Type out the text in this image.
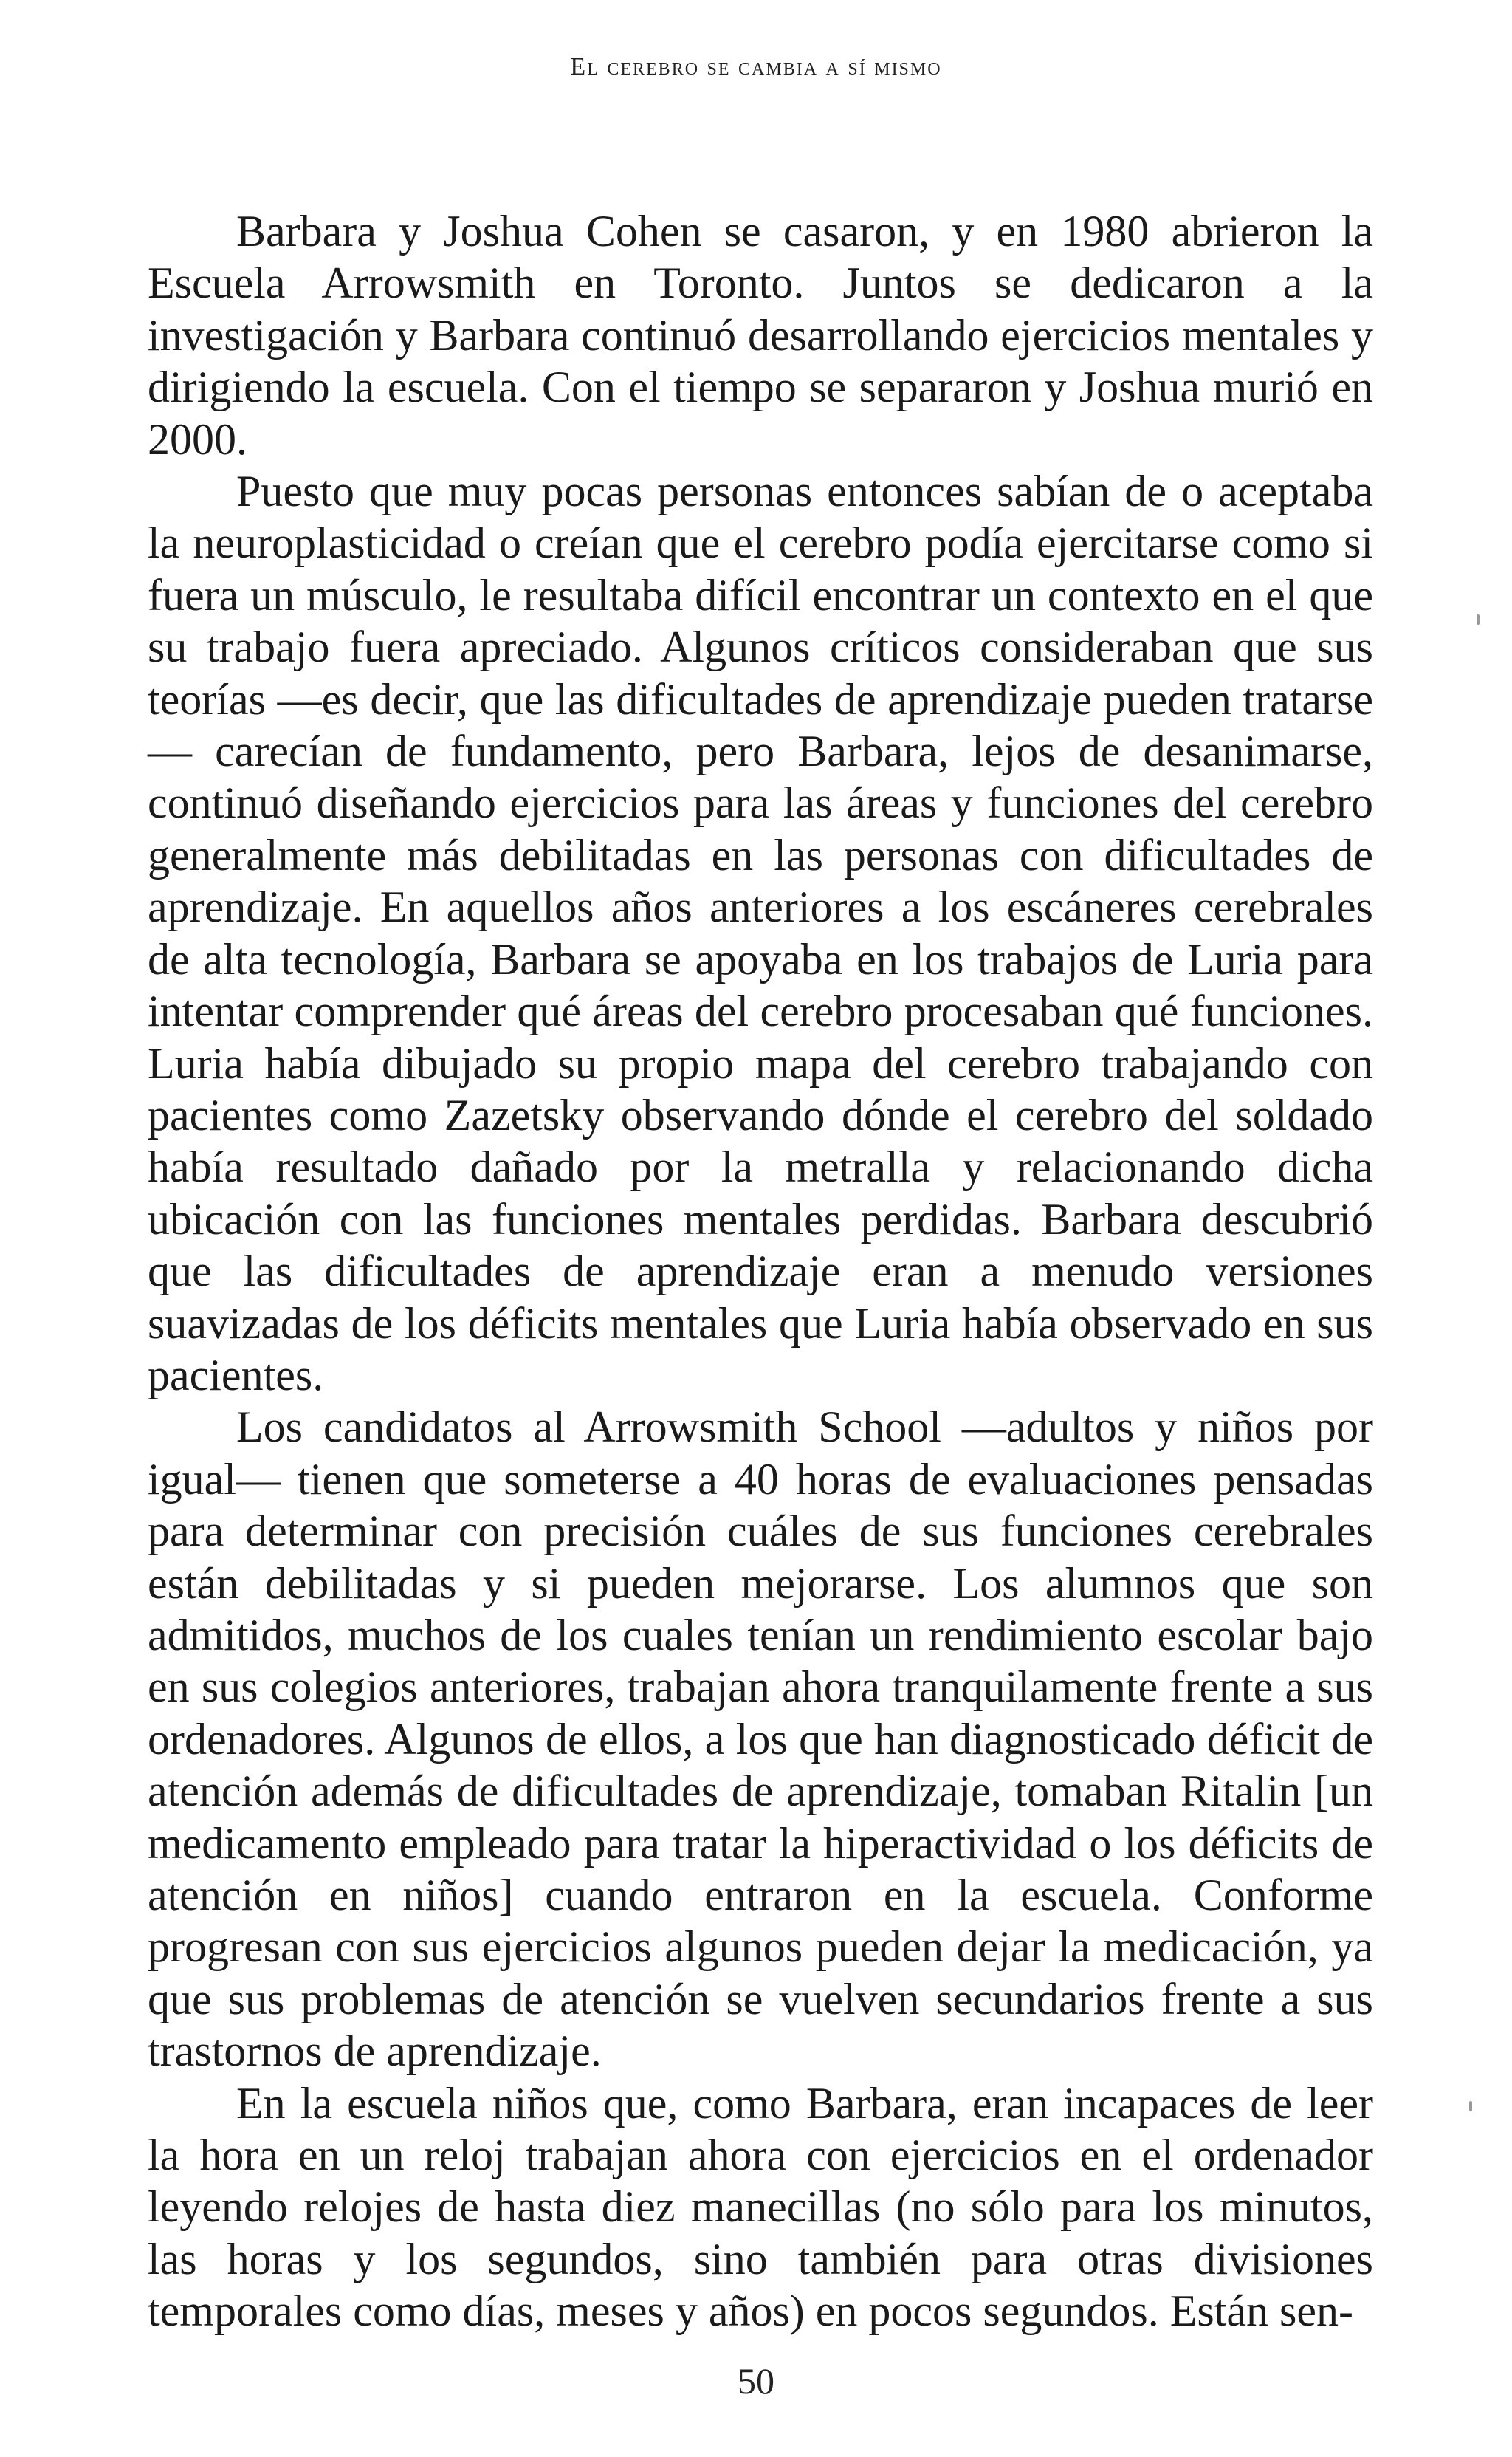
El cerebro se cambia a sí mismo

Barbara y Joshua Cohen se casaron, y en 1980 abrieron la Escuela Arrowsmith en Toronto. Juntos se dedicaron a la investigación y Barbara continuó desarrollando ejercicios mentales y dirigiendo la escuela. Con el tiempo se separaron y Joshua murió en 2000.

Puesto que muy pocas personas entonces sabían de o aceptaba la neuroplasticidad o creían que el cerebro podía ejercitarse como si fuera un músculo, le resultaba difícil encontrar un contexto en el que su trabajo fuera apreciado. Algunos críticos consideraban que sus teorías —es decir, que las dificultades de aprendizaje pueden tratarse— carecían de fundamento, pero Barbara, lejos de desanimarse, continuó diseñando ejercicios para las áreas y funciones del cerebro generalmente más debilitadas en las personas con dificultades de aprendizaje. En aquellos años anteriores a los escáneres cerebrales de alta tecnología, Barbara se apoyaba en los trabajos de Luria para intentar comprender qué áreas del cerebro procesaban qué funciones. Luria había dibujado su propio mapa del cerebro trabajando con pacientes como Zazetsky observando dónde el cerebro del soldado había resultado dañado por la metralla y relacionando dicha ubicación con las funciones mentales perdidas. Barbara descubrió que las dificultades de aprendizaje eran a menudo versiones suavizadas de los déficits mentales que Luria había observado en sus pacientes.

Los candidatos al Arrowsmith School —adultos y niños por igual— tienen que someterse a 40 horas de evaluaciones pensadas para determinar con precisión cuáles de sus funciones cerebrales están debilitadas y si pueden mejorarse. Los alumnos que son admitidos, muchos de los cuales tenían un rendimiento escolar bajo en sus colegios anteriores, trabajan ahora tranquilamente frente a sus ordenadores. Algunos de ellos, a los que han diagnosticado déficit de atención además de dificultades de aprendizaje, tomaban Ritalin [un medicamento empleado para tratar la hiperactividad o los déficits de atención en niños] cuando entraron en la escuela. Conforme progresan con sus ejercicios algunos pueden dejar la medicación, ya que sus problemas de atención se vuelven secundarios frente a sus trastornos de aprendizaje.

En la escuela niños que, como Barbara, eran incapaces de leer la hora en un reloj trabajan ahora con ejercicios en el ordenador leyendo relojes de hasta diez manecillas (no sólo para los minutos, las horas y los segundos, sino también para otras divisiones temporales como días, meses y años) en pocos segundos. Están sen-

50
